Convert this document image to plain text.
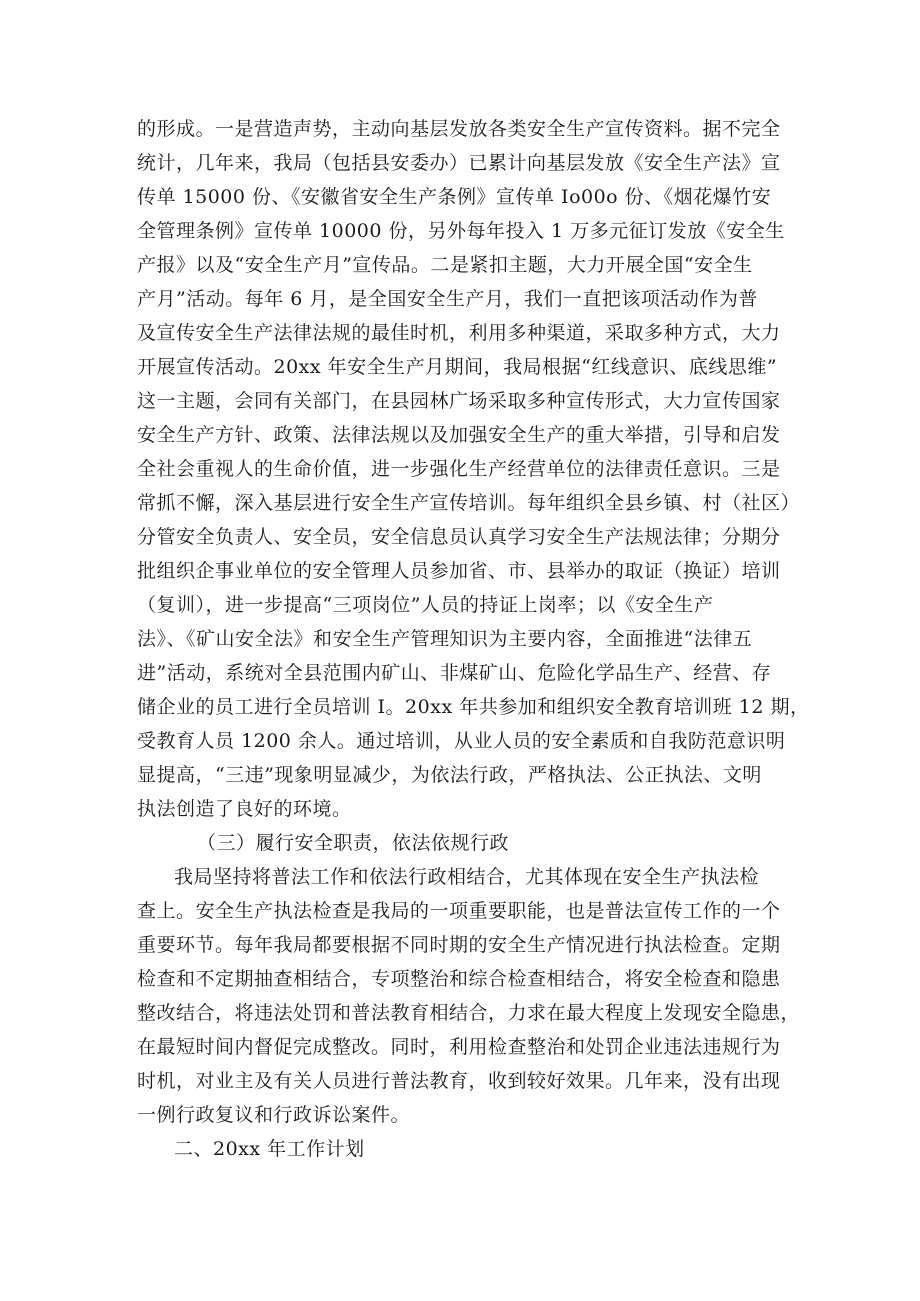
的形成。一是营造声势，主动向基层发放各类安全生产宣传资料。据不完全
统计，几年来，我局（包括县安委办）已累计向基层发放《安全生产法》宣
传单 15000 份、《安徽省安全生产条例》宣传单 Io00o 份、《烟花爆竹安
全管理条例》宣传单 10000 份，另外每年投入 1 万多元征订发放《安全生
产报》以及“安全生产月”宣传品。二是紧扣主题，大力开展全国“安全生
产月”活动。每年 6 月，是全国安全生产月，我们一直把该项活动作为普
及宣传安全生产法律法规的最佳时机，利用多种渠道，采取多种方式，大力
开展宣传活动。20xx 年安全生产月期间，我局根据“红线意识、底线思维”
这一主题，会同有关部门，在县园林广场采取多种宣传形式，大力宣传国家
安全生产方针、政策、法律法规以及加强安全生产的重大举措，引导和启发
全社会重视人的生命价值，进一步强化生产经营单位的法律责任意识。三是
常抓不懈，深入基层进行安全生产宣传培训。每年组织全县乡镇、村（社区）
分管安全负责人、安全员，安全信息员认真学习安全生产法规法律；分期分
批组织企事业单位的安全管理人员参加省、市、县举办的取证（换证）培训
（复训），进一步提高“三项岗位”人员的持证上岗率；以《安全生产
法》、《矿山安全法》和安全生产管理知识为主要内容，全面推进“法律五
进”活动，系统对全县范围内矿山、非煤矿山、危险化学品生产、经营、存
储企业的员工进行全员培训 I。20xx 年共参加和组织安全教育培训班 12 期，
受教育人员 1200 余人。通过培训，从业人员的安全素质和自我防范意识明
显提高，“三违”现象明显减少，为依法行政，严格执法、公正执法、文明
执法创造了良好的环境。
（三）履行安全职责，依法依规行政
我局坚持将普法工作和依法行政相结合，尤其体现在安全生产执法检
查上。安全生产执法检查是我局的一项重要职能，也是普法宣传工作的一个
重要环节。每年我局都要根据不同时期的安全生产情况进行执法检查。定期
检查和不定期抽查相结合，专项整治和综合检查相结合，将安全检查和隐患
整改结合，将违法处罚和普法教育相结合，力求在最大程度上发现安全隐患，
在最短时间内督促完成整改。同时，利用检查整治和处罚企业违法违规行为
时机，对业主及有关人员进行普法教育，收到较好效果。几年来，没有出现
一例行政复议和行政诉讼案件。
二、20xx 年工作计划
